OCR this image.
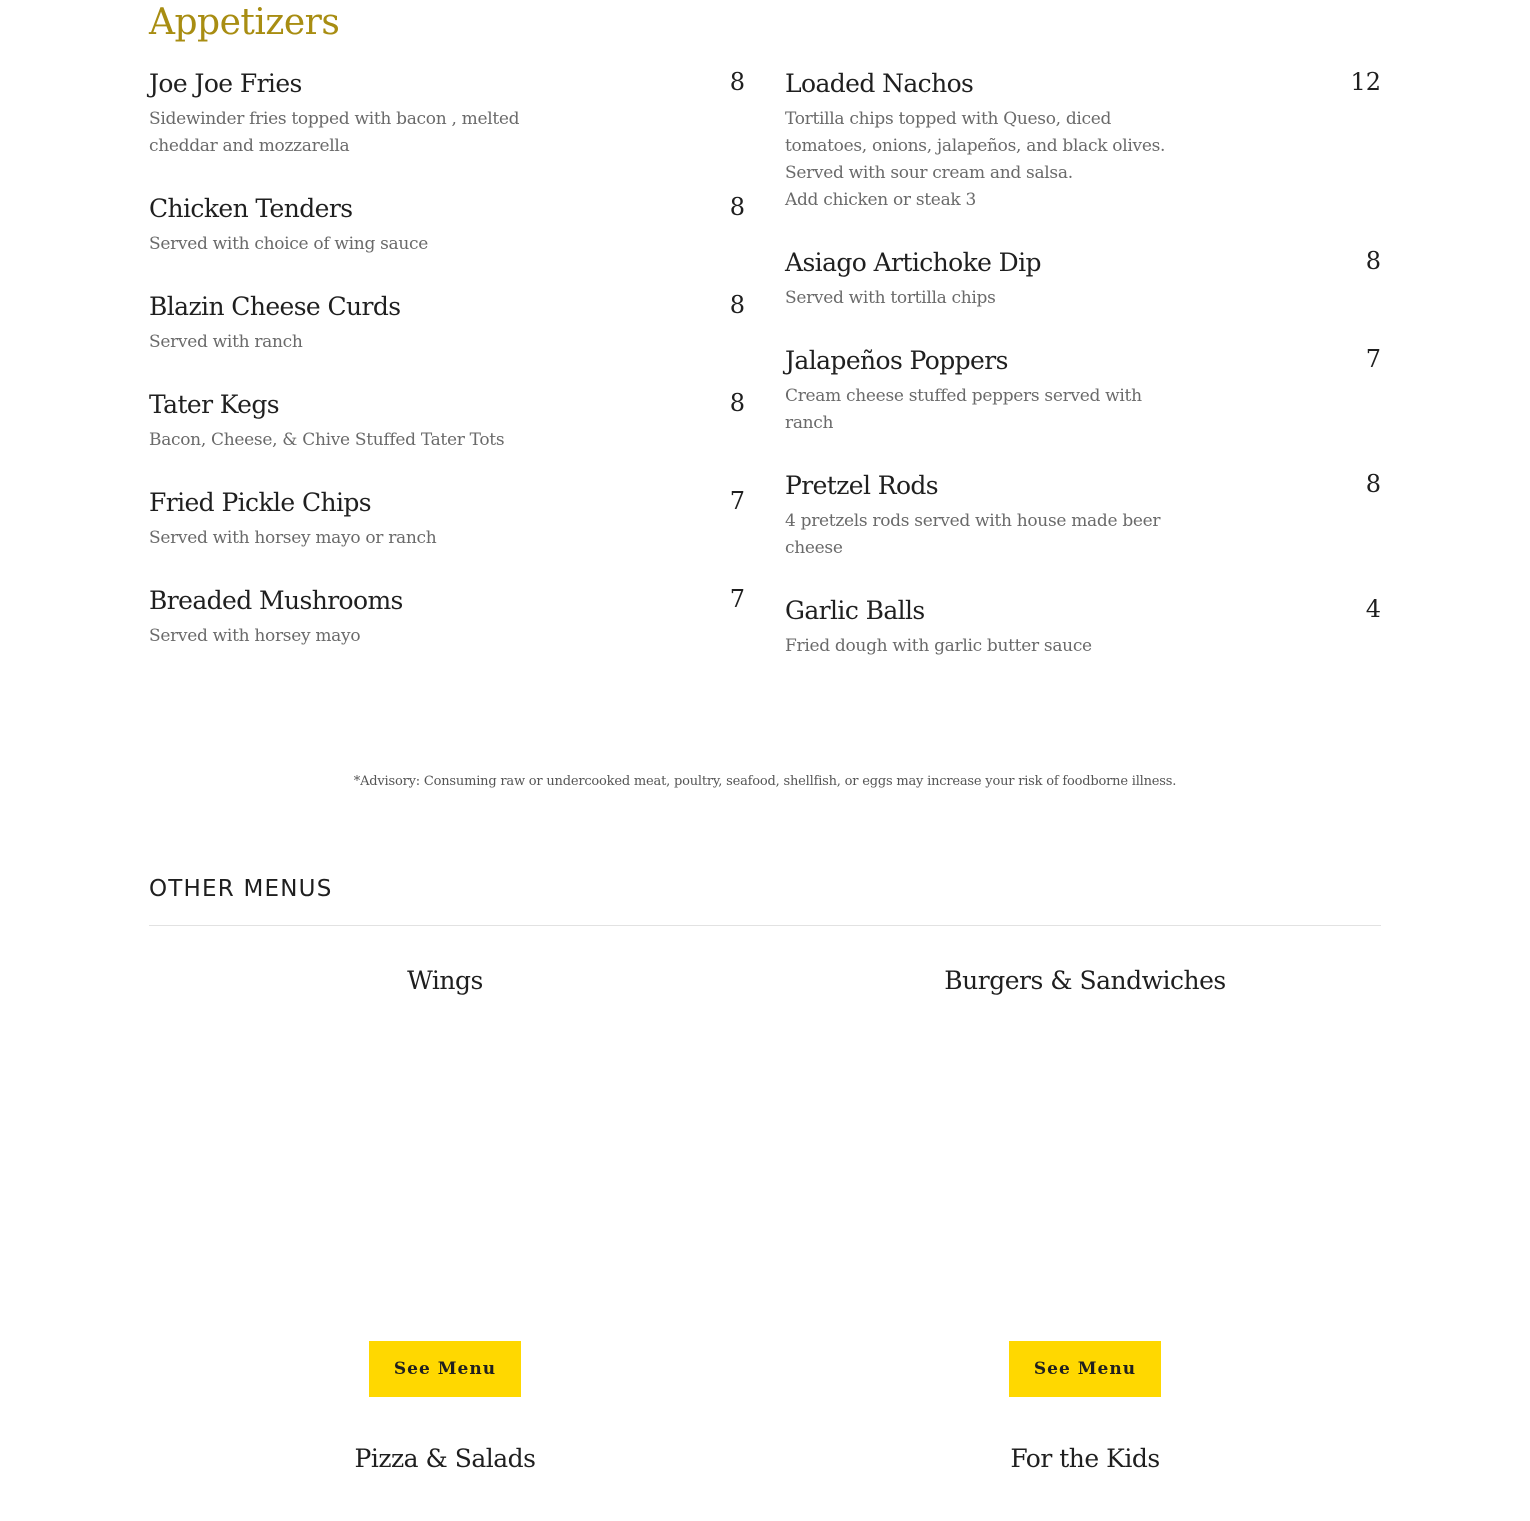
Appetizers
Joe Joe Fries	8
Sidewinder fries topped with bacon , melted cheddar and mozzarella
Chicken Tenders	8
Served with choice of wing sauce
Blazin Cheese Curds	8
Served with ranch
Tater Kegs	8
Bacon, Cheese, & Chive Stuffed Tater Tots
Fried Pickle Chips	7
Served with horsey mayo or ranch
Breaded Mushrooms	7
Served with horsey mayo
Loaded Nachos	12
Tortilla chips topped with Queso, diced tomatoes, onions, jalapeños, and black olives. Served with sour cream and salsa.
Add chicken or steak 3
Asiago Artichoke Dip	8
Served with tortilla chips
Jalapeños Poppers	7
Cream cheese stuffed peppers served with ranch
Pretzel Rods	8
4 pretzels rods served with house made beer cheese
Garlic Balls	4
Fried dough with garlic butter sauce
*Advisory: Consuming raw or undercooked meat, poultry, seafood, shellfish, or eggs may increase your risk of foodborne illness.
OTHER MENUS
Wings
See Menu
Burgers & Sandwiches
See Menu
Pizza & Salads	For the Kids
